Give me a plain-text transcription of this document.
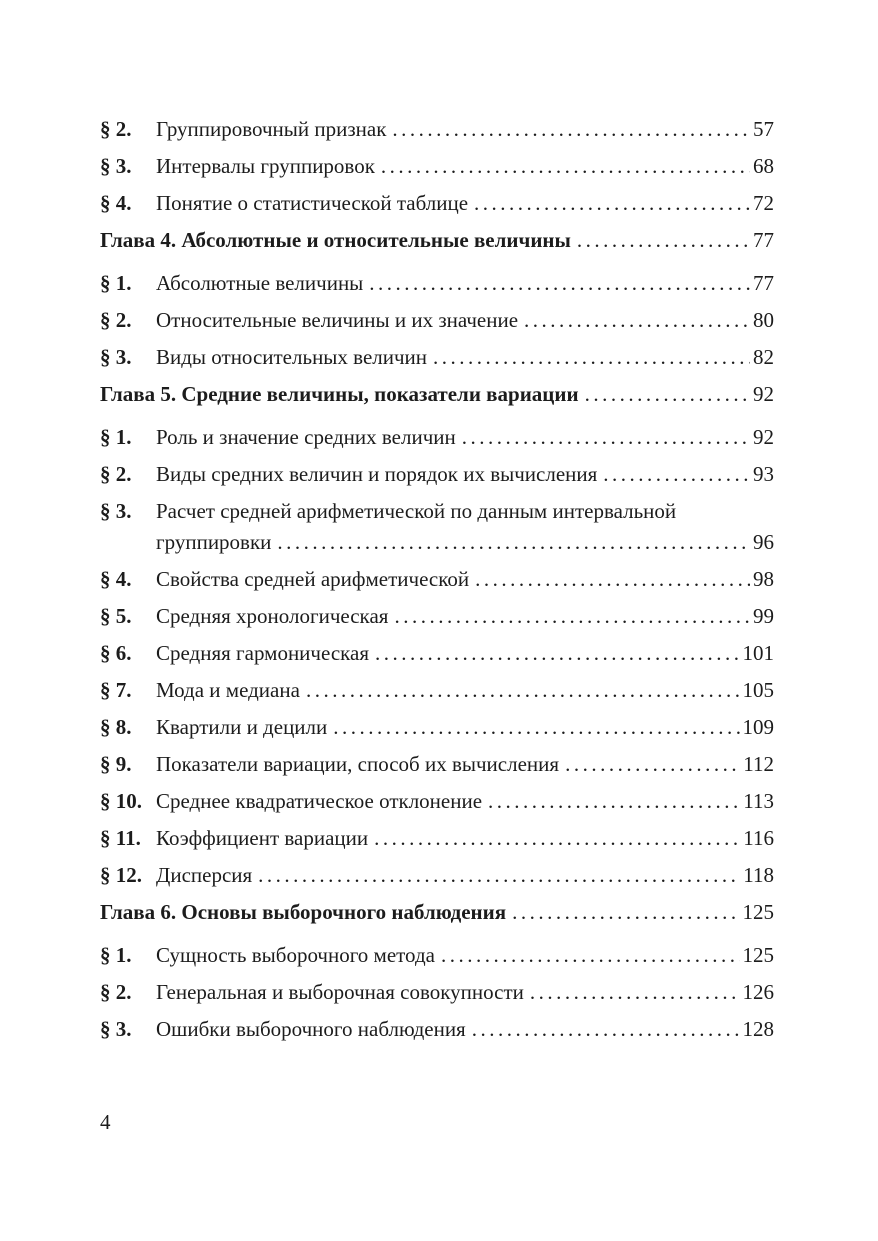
§ 2.	Группировочный признак .....	57
§ 3.	Интервалы группировок .....	68
§ 4.	Понятие о статистической таблице .....	72
Глава 4. Абсолютные и относительные величины .....	77
§ 1.	Абсолютные величины .....	77
§ 2.	Относительные величины и их значение .....	80
§ 3.	Виды относительных величин .....	82
Глава 5. Средние величины, показатели вариации .....	92
§ 1.	Роль и значение средних величин .....	92
§ 2.	Виды средних величин и порядок их вычисления .....	93
§ 3.	Расчет средней арифметической по данным интервальной
группировки .....	96
§ 4.	Свойства средней арифметической .....	98
§ 5.	Средняя хронологическая .....	99
§ 6.	Средняя гармоническая .....	101
§ 7.	Мода и медиана .....	105
§ 8.	Квартили и децили .....	109
§ 9.	Показатели вариации, способ их вычисления .....	112
§ 10. Среднее квадратическое отклонение .....	113
§ 11. Коэффициент вариации .....	116
§ 12. Дисперсия .....	118
Глава 6. Основы выборочного наблюдения .....	125
§ 1.	Сущность выборочного метода .....	125
§ 2.	Генеральная и выборочная совокупности .....	126
§ 3.	Ошибки выборочного наблюдения .....	128
4
